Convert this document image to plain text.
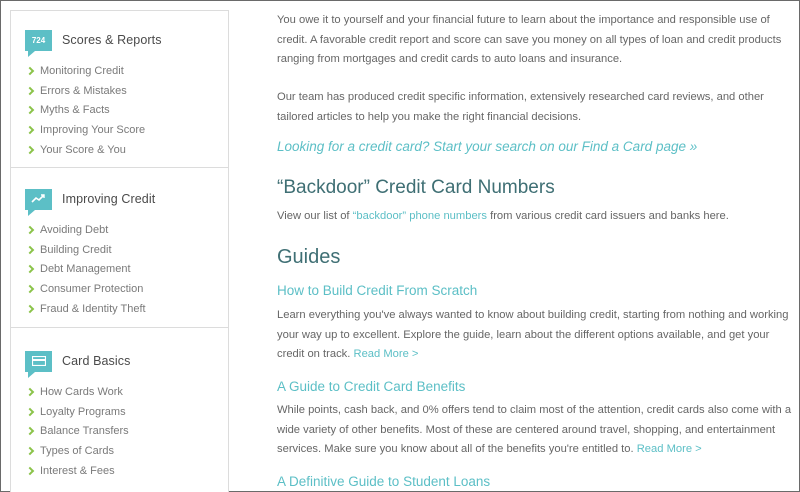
724 Scores & Reports
Monitoring Credit
Errors & Mistakes
Myths & Facts
Improving Your Score
Your Score & You
Improving Credit
Avoiding Debt
Building Credit
Debt Management
Consumer Protection
Fraud & Identity Theft
Card Basics
How Cards Work
Loyalty Programs
Balance Transfers
Types of Cards
Interest & Fees

You owe it to yourself and your financial future to learn about the importance and responsible use of credit. A favorable credit report and score can save you money on all types of loan and credit products ranging from mortgages and credit cards to auto loans and insurance.

Our team has produced credit specific information, extensively researched card reviews, and other tailored articles to help you make the right financial decisions.

Looking for a credit card? Start your search on our Find a Card page »
“Backdoor” Credit Card Numbers

View our list of “backdoor” phone numbers from various credit card issuers and banks here.

Guides
How to Build Credit From Scratch

Learn everything you've always wanted to know about building credit, starting from nothing and working your way up to excellent. Explore the guide, learn about the different options available, and get your credit on track. Read More >

A Guide to Credit Card Benefits

While points, cash back, and 0% offers tend to claim most of the attention, credit cards also come with a wide variety of other benefits. Most of these are centered around travel, shopping, and entertainment services. Make sure you know about all of the benefits you're entitled to. Read More >

A Definitive Guide to Student Loans
